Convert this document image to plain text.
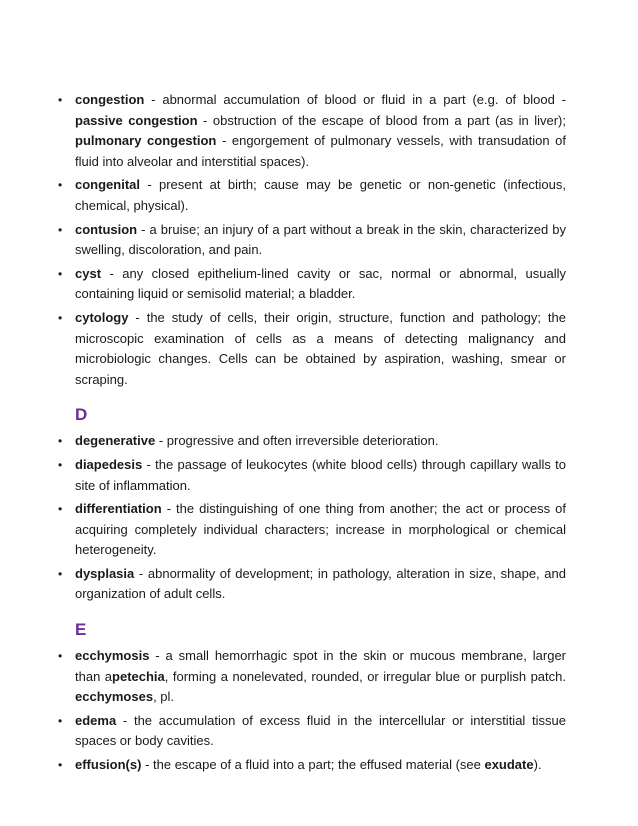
• congestion - abnormal accumulation of blood or fluid in a part (e.g. of blood - passive congestion - obstruction of the escape of blood from a part (as in liver); pulmonary congestion - engorgement of pulmonary vessels, with transudation of fluid into alveolar and interstitial spaces).
• congenital - present at birth; cause may be genetic or non-genetic (infectious, chemical, physical).
• contusion - a bruise; an injury of a part without a break in the skin, characterized by swelling, discoloration, and pain.
• cyst - any closed epithelium-lined cavity or sac, normal or abnormal, usually containing liquid or semisolid material; a bladder.
• cytology - the study of cells, their origin, structure, function and pathology; the microscopic examination of cells as a means of detecting malignancy and microbiologic changes. Cells can be obtained by aspiration, washing, smear or scraping.
D
• degenerative - progressive and often irreversible deterioration.
• diapedesis - the passage of leukocytes (white blood cells) through capillary walls to site of inflammation.
• differentiation - the distinguishing of one thing from another; the act or process of acquiring completely individual characters; increase in morphological or chemical heterogeneity.
• dysplasia - abnormality of development; in pathology, alteration in size, shape, and organization of adult cells.
E
• ecchymosis - a small hemorrhagic spot in the skin or mucous membrane, larger than apetechia, forming a nonelevated, rounded, or irregular blue or purplish patch. ecchymoses, pl.
• edema - the accumulation of excess fluid in the intercellular or interstitial tissue spaces or body cavities.
• effusion(s) - the escape of a fluid into a part; the effused material (see exudate).
